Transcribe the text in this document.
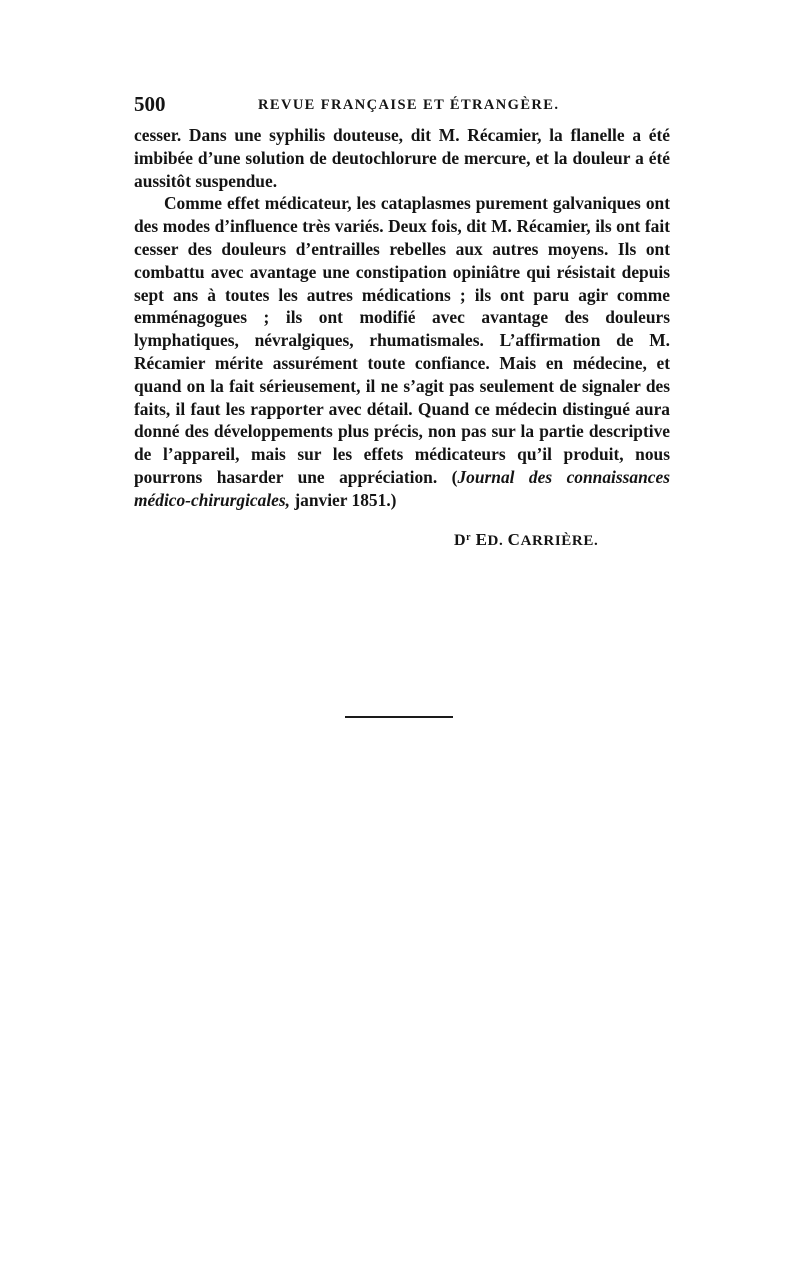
500	REVUE FRANÇAISE ET ÉTRANGÈRE.

cesser. Dans une syphilis douteuse, dit M. Récamier, la flanelle a été imbibée d’une solution de deutochlorure de mercure, et la douleur a été aussitôt suspendue.

Comme effet médicateur, les cataplasmes purement galvaniques ont des modes d’influence très variés. Deux fois, dit M. Récamier, ils ont fait cesser des douleurs d’entrailles rebelles aux autres moyens. Ils ont combattu avec avantage une constipation opiniâtre qui résistait depuis sept ans à toutes les autres médications ; ils ont paru agir comme emménagogues ; ils ont modifié avec avantage des douleurs lymphatiques, névralgiques, rhumatismales. L’affirmation de M. Récamier mérite assurément toute confiance. Mais en médecine, et quand on la fait sérieusement, il ne s’agit pas seulement de signaler des faits, il faut les rapporter avec détail. Quand ce médecin distingué aura donné des développements plus précis, non pas sur la partie descriptive de l’appareil, mais sur les effets médicateurs qu’il produit, nous pourrons hasarder une appréciation. (Journal des connaissances médico-chirurgicales, janvier 1851.)

$D^r$ ED. CARRIÈRE.
